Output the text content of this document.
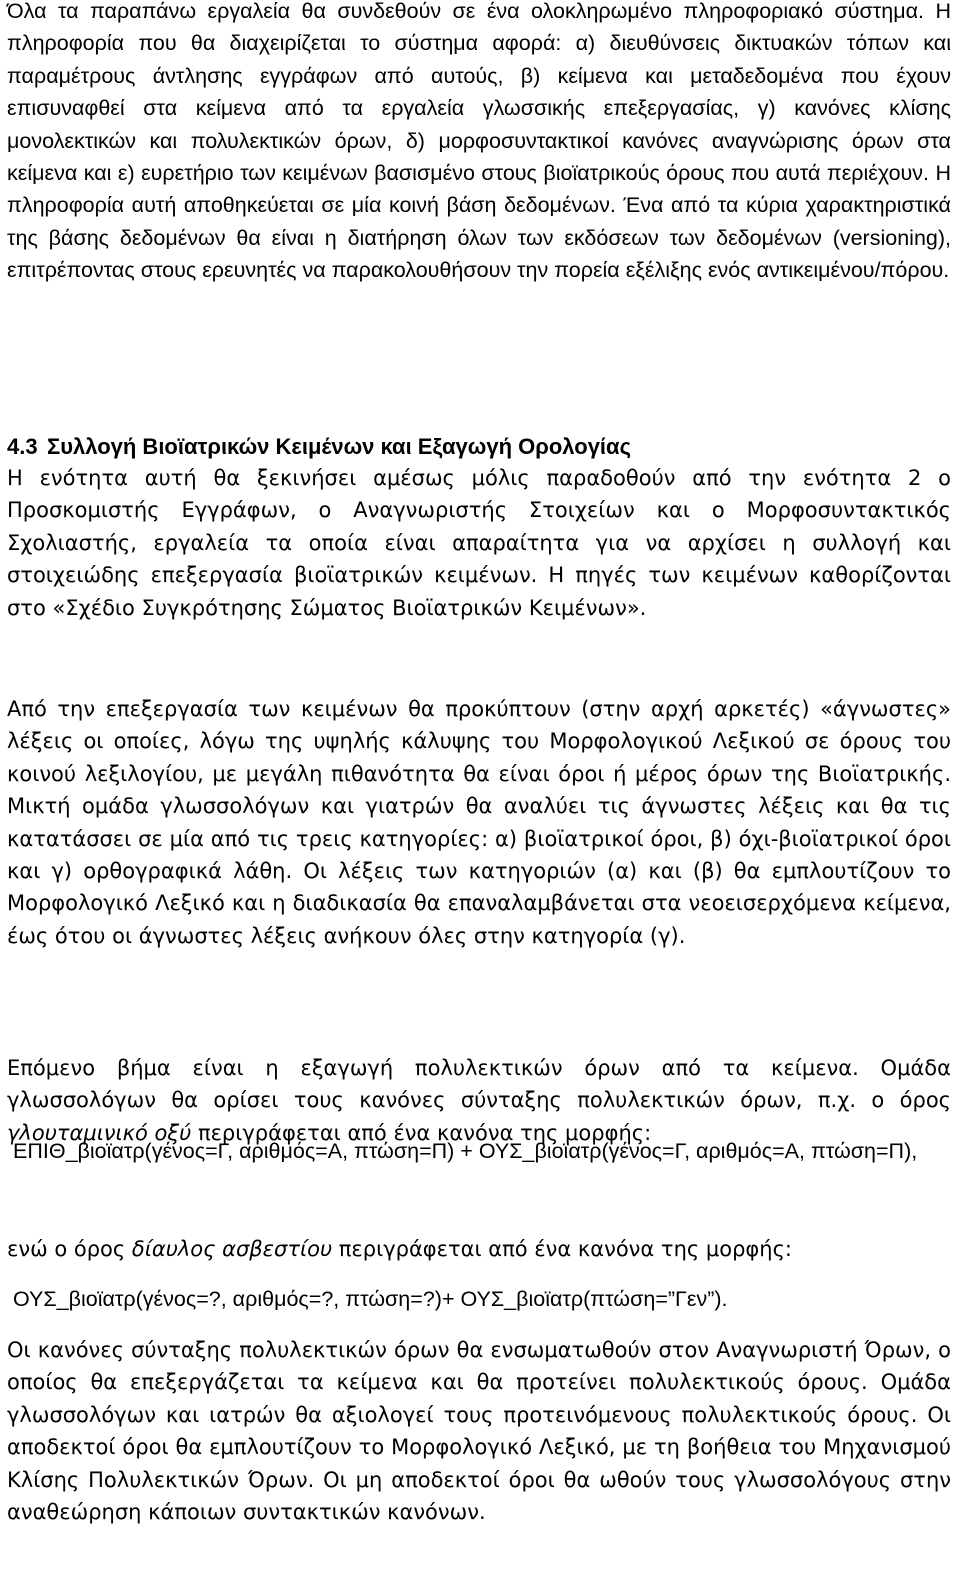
Όλα τα παραπάνω εργαλεία θα συνδεθούν σε ένα ολοκληρωμένο πληροφοριακό σύστημα. Η πληροφορία που θα διαχειρίζεται το σύστημα αφορά: α) διευθύνσεις δικτυακών τόπων και παραμέτρους άντλησης εγγράφων από αυτούς, β) κείμενα και μεταδεδομένα που έχουν επισυναφθεί στα κείμενα από τα εργαλεία γλωσσικής επεξεργασίας, γ) κανόνες κλίσης μονολεκτικών και πολυλεκτικών όρων, δ) μορφοσυντακτικοί κανόνες αναγνώρισης όρων στα κείμενα και ε) ευρετήριο των κειμένων βασισμένο στους βιοϊατρικούς όρους που αυτά περιέχουν. Η πληροφορία αυτή αποθηκεύεται σε μία κοινή βάση δεδομένων. Ένα από τα κύρια χαρακτηριστικά της βάσης δεδομένων θα είναι η διατήρηση όλων των εκδόσεων των δεδομένων (versioning), επιτρέποντας στους ερευνητές να παρακολουθήσουν την πορεία εξέλιξης ενός αντικειμένου/πόρου.

4.3 Συλλογή Βιοϊατρικών Κειμένων και Εξαγωγή Ορολογίας

Η ενότητα αυτή θα ξεκινήσει αμέσως μόλις παραδοθούν από την ενότητα 2 ο Προσκομιστής Εγγράφων, ο Αναγνωριστής Στοιχείων και ο Μορφοσυντακτικός Σχολιαστής, εργαλεία τα οποία είναι απαραίτητα για να αρχίσει η συλλογή και στοιχειώδης επεξεργασία βιοϊατρικών κειμένων. Η πηγές των κειμένων καθορίζονται στο «Σχέδιο Συγκρότησης Σώματος Βιοϊατρικών Κειμένων».

Από την επεξεργασία των κειμένων θα προκύπτουν (στην αρχή αρκετές) «άγνωστες» λέξεις οι οποίες, λόγω της υψηλής κάλυψης του Μορφολογικού Λεξικού σε όρους του κοινού λεξιλογίου, με μεγάλη πιθανότητα θα είναι όροι ή μέρος όρων της Βιοϊατρικής. Μικτή ομάδα γλωσσολόγων και γιατρών θα αναλύει τις άγνωστες λέξεις και θα τις κατατάσσει σε μία από τις τρεις κατηγορίες: α) βιοϊατρικοί όροι, β) όχι-βιοϊατρικοί όροι και γ) ορθογραφικά λάθη. Οι λέξεις των κατηγοριών (α) και (β) θα εμπλουτίζουν το Μορφολογικό Λεξικό και η διαδικασία θα επαναλαμβάνεται στα νεοεισερχόμενα κείμενα, έως ότου οι άγνωστες λέξεις ανήκουν όλες στην κατηγορία (γ).

Επόμενο βήμα είναι η εξαγωγή πολυλεκτικών όρων από τα κείμενα. Ομάδα γλωσσολόγων θα ορίσει τους κανόνες σύνταξης πολυλεκτικών όρων, π.χ. ο όρος γλουταμινικό οξύ περιγράφεται από ένα κανόνα της μορφής:

ΕΠΙΘ_βιοϊατρ(γένος=Γ, αριθμός=Α, πτώση=Π) + ΟΥΣ_βιοϊατρ(γένος=Γ, αριθμός=Α, πτώση=Π),

ενώ ο όρος δίαυλος ασβεστίου περιγράφεται από ένα κανόνα της μορφής:

ΟΥΣ_βιοϊατρ(γένος=?, αριθμός=?, πτώση=?)+ ΟΥΣ_βιοϊατρ(πτώση=”Γεν”).

Οι κανόνες σύνταξης πολυλεκτικών όρων θα ενσωματωθούν στον Αναγνωριστή Όρων, ο οποίος θα επεξεργάζεται τα κείμενα και θα προτείνει πολυλεκτικούς όρους. Ομάδα γλωσσολόγων και ιατρών θα αξιολογεί τους προτεινόμενους πολυλεκτικούς όρους. Οι αποδεκτοί όροι θα εμπλουτίζουν το Μορφολογικό Λεξικό, με τη βοήθεια του Μηχανισμού Κλίσης Πολυλεκτικών Όρων. Οι μη αποδεκτοί όροι θα ωθούν τους γλωσσολόγους στην αναθεώρηση κάποιων συντακτικών κανόνων.
